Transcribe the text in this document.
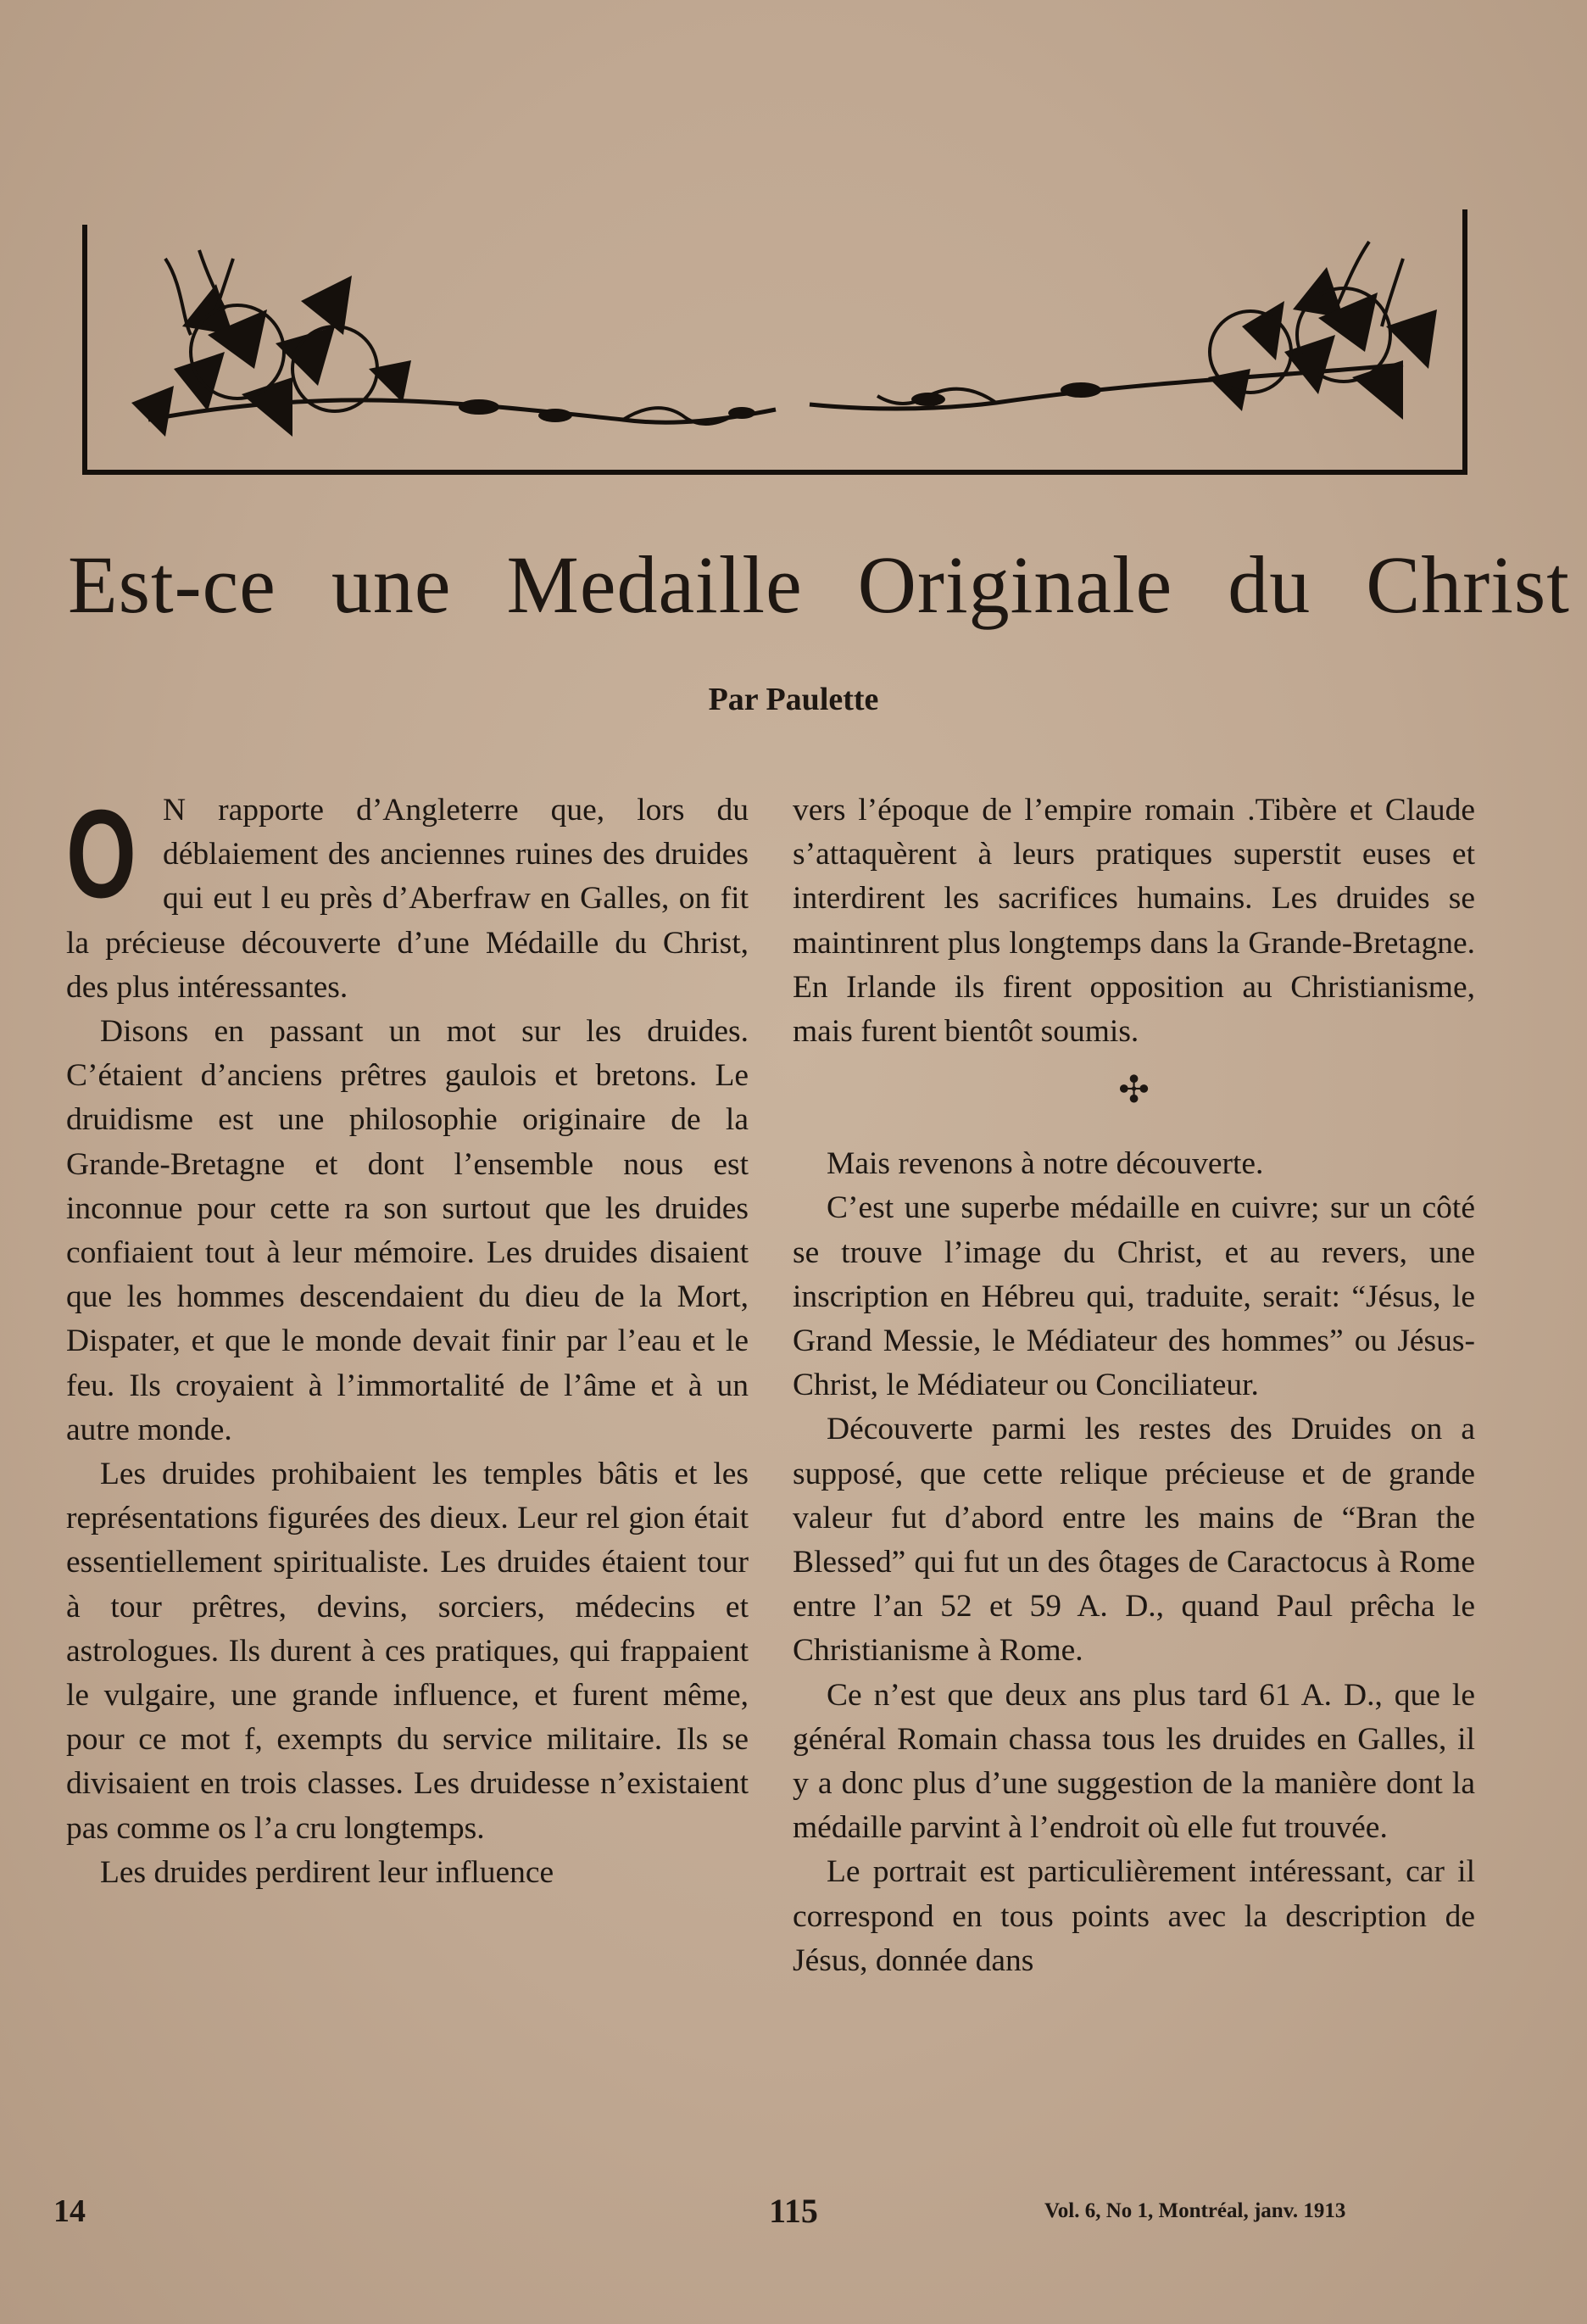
Est-ce une Medaille Originale du Christ
Par Paulette

O N rapporte d’Angleterre que, lors du déblaiement des anciennes ruines des druides qui eut l eu près d’Aberfraw en Galles, on fit la précieuse découverte d’une Médaille du Christ, des plus intéressantes.

Disons en passant un mot sur les druides. C’étaient d’anciens prêtres gaulois et bretons. Le druidisme est une philosophie originaire de la Grande-Bretagne et dont l’ensemble nous est inconnue pour cette ra son surtout que les druides confiaient tout à leur mémoire. Les druides disaient que les hommes descendaient du dieu de la Mort, Dispater, et que le monde devait finir par l’eau et le feu. Ils croyaient à l’immortalité de l’âme et à un autre monde.

Les druides prohibaient les temples bâtis et les représentations figurées des dieux. Leur rel gion était essentiellement spiritualiste. Les druides étaient tour à tour prêtres, devins, sorciers, médecins et astrologues. Ils durent à ces pratiques, qui frappaient le vulgaire, une grande influence, et furent même, pour ce mot f, exempts du service militaire. Ils se divisaient en trois classes. Les druidesse n’existaient pas comme os l’a cru longtemps.

Les druides perdirent leur influence

vers l’époque de l’empire romain .Tibère et Claude s’attaquèrent à leurs pratiques superstit euses et interdirent les sacrifices humains. Les druides se maintinrent plus longtemps dans la Grande-Bretagne. En Irlande ils firent opposition au Christianisme, mais furent bientôt soumis.

✣

Mais revenons à notre découverte.

C’est une superbe médaille en cuivre; sur un côté se trouve l’image du Christ, et au revers, une inscription en Hébreu qui, traduite, serait: “Jésus, le Grand Messie, le Médiateur des hommes” ou Jésus-Christ, le Médiateur ou Conciliateur.

Découverte parmi les restes des Druides on a supposé, que cette relique précieuse et de grande valeur fut d’abord entre les mains de “Bran the Blessed” qui fut un des ôtages de Caractocus à Rome entre l’an 52 et 59 A. D., quand Paul prêcha le Christianisme à Rome.

Ce n’est que deux ans plus tard 61 A. D., que le général Romain chassa tous les druides en Galles, il y a donc plus d’une suggestion de la manière dont la médaille parvint à l’endroit où elle fut trouvée.

Le portrait est particulièrement intéressant, car il correspond en tous points avec la description de Jésus, donnée dans

14	115	Vol. 6, No 1, Montréal, janv. 1913
